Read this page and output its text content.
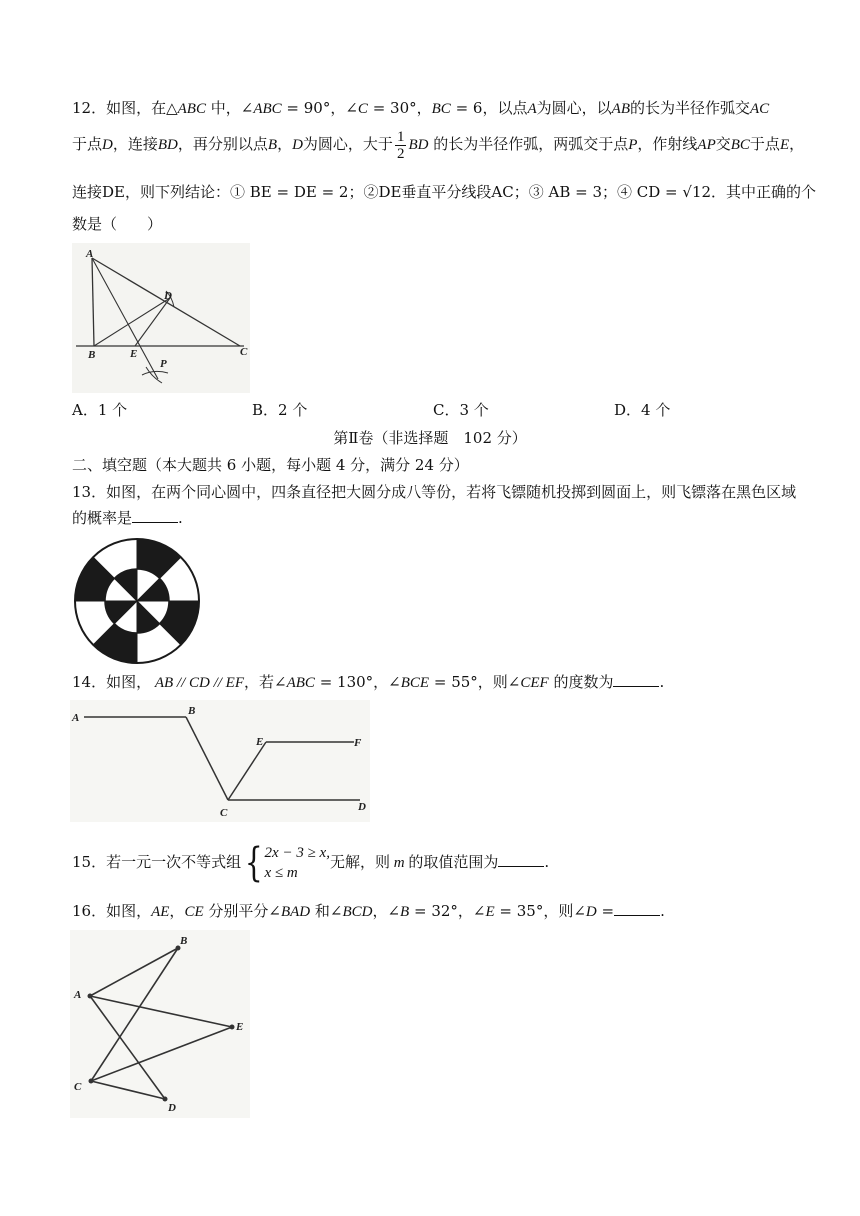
12．如图，在△ABC 中，∠ABC = 90°，∠C = 30°，BC = 6，以点A为圆心，以AB的长为半径作弧交AC
于点D，连接BD，再分别以点B，D为圆心，大于 $\frac{1}{2}$ BD 的长为半径作弧，两弧交于点P，作射线AP交BC于点E，
连接DE，则下列结论：① BE = DE = 2；②DE垂直平分线段AC；③ AB = 3；④ CD = √12．其中正确的个
数是（　　）
A
D
B	E	C
P
A．1 个	B．2 个	C．3 个	D．4 个
第Ⅱ卷（非选择题　102 分）
二、填空题（本大题共 6 小题，每小题 4 分，满分 24 分）
13．如图，在两个同心圆中，四条直径把大圆分成八等份，若将飞镖随机投掷到圆面上，则飞镖落在黑色区域
的概率是	.
14．如图， AB // CD // EF，若∠ABC = 130°，∠BCE = 55°，则∠CEF 的度数为	.
A
B
E	F
C	D
15．若一元一次不等式组{ 2x − 3 ≥ x,
x ≤ m
无解，则 m 的取值范围为	.
16．如图，AE，CE 分别平分∠BAD 和∠BCD，∠B = 32°，∠E = 35°，则∠D =	.
B
A
E
C
D
